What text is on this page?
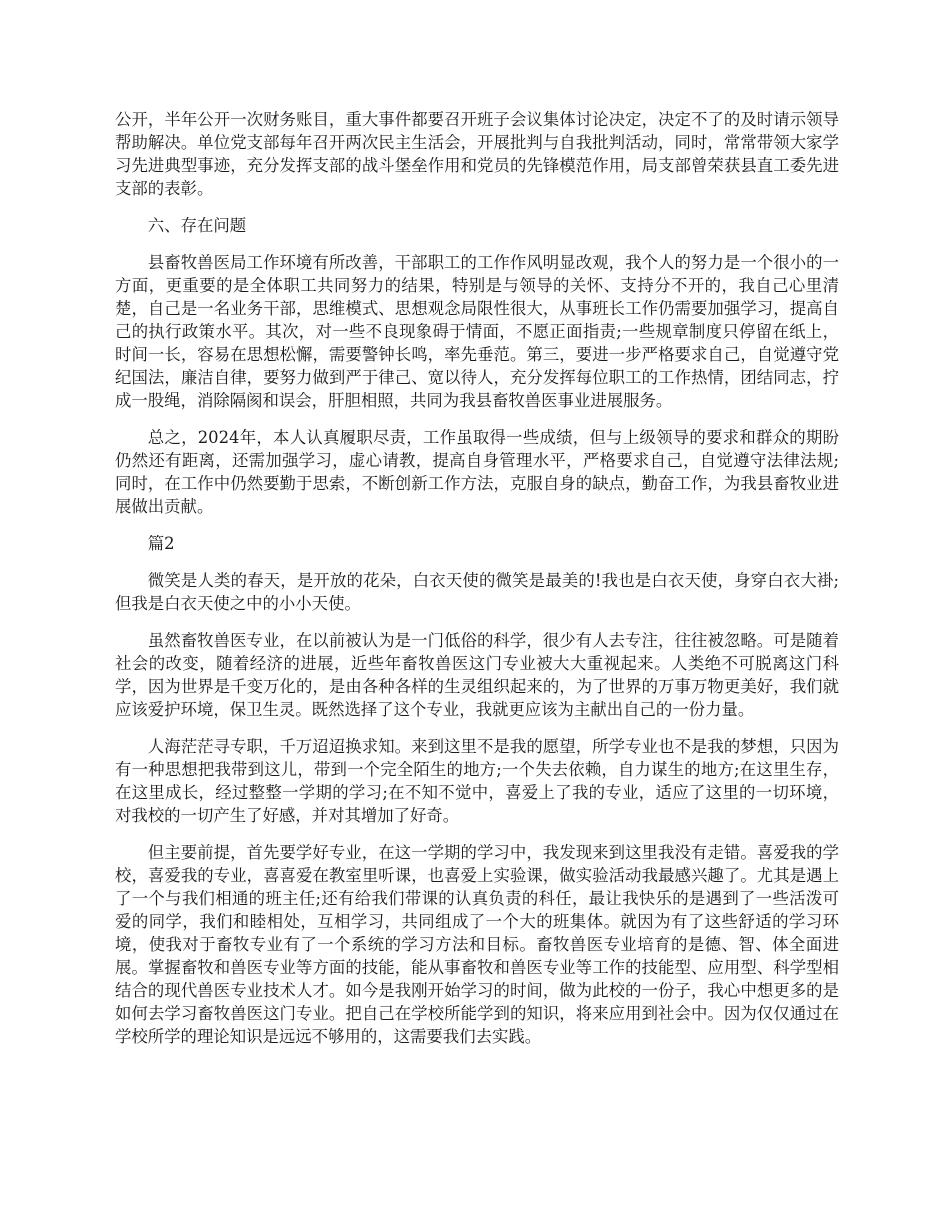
公开，半年公开一次财务账目，重大事件都要召开班子会议集体讨论决定，决定不了的及时请示领导帮助解决。单位党支部每年召开两次民主生活会，开展批判与自我批判活动，同时，常常带领大家学习先进典型事迹，充分发挥支部的战斗堡垒作用和党员的先锋模范作用，局支部曾荣获县直工委先进支部的表彰。

六、存在问题

县畜牧兽医局工作环境有所改善，干部职工的工作作风明显改观，我个人的努力是一个很小的一方面，更重要的是全体职工共同努力的结果，特别是与领导的关怀、支持分不开的，我自己心里清楚，自己是一名业务干部，思维模式、思想观念局限性很大，从事班长工作仍需要加强学习，提高自己的执行政策水平。其次，对一些不良现象碍于情面，不愿正面指责;一些规章制度只停留在纸上，时间一长，容易在思想松懈，需要警钟长鸣，率先垂范。第三，要进一步严格要求自己，自觉遵守党纪国法，廉洁自律，要努力做到严于律己、宽以待人，充分发挥每位职工的工作热情，团结同志，拧成一股绳，消除隔阂和误会，肝胆相照，共同为我县畜牧兽医事业进展服务。

总之，2024年，本人认真履职尽责，工作虽取得一些成绩，但与上级领导的要求和群众的期盼仍然还有距离，还需加强学习，虚心请教，提高自身管理水平，严格要求自己，自觉遵守法律法规;同时，在工作中仍然要勤于思索，不断创新工作方法，克服自身的缺点，勤奋工作，为我县畜牧业进展做出贡献。

篇2

微笑是人类的春天，是开放的花朵，白衣天使的微笑是最美的!我也是白衣天使，身穿白衣大褂;但我是白衣天使之中的小小天使。

虽然畜牧兽医专业，在以前被认为是一门低俗的科学，很少有人去专注，往往被忽略。可是随着社会的改变，随着经济的进展，近些年畜牧兽医这门专业被大大重视起来。人类绝不可脱离这门科学，因为世界是千变万化的，是由各种各样的生灵组织起来的，为了世界的万事万物更美好，我们就应该爱护环境，保卫生灵。既然选择了这个专业，我就更应该为主献出自己的一份力量。

人海茫茫寻专职，千万迢迢换求知。来到这里不是我的愿望，所学专业也不是我的梦想，只因为有一种思想把我带到这儿，带到一个完全陌生的地方;一个失去依赖，自力谋生的地方;在这里生存，在这里成长，经过整整一学期的学习;在不知不觉中，喜爱上了我的专业，适应了这里的一切环境，对我校的一切产生了好感，并对其增加了好奇。

但主要前提，首先要学好专业，在这一学期的学习中，我发现来到这里我没有走错。喜爱我的学校，喜爱我的专业，喜喜爱在教室里听课，也喜爱上实验课，做实验活动我最感兴趣了。尤其是遇上了一个与我们相通的班主任;还有给我们带课的认真负责的科任，最让我快乐的是遇到了一些活泼可爱的同学，我们和睦相处，互相学习，共同组成了一个大的班集体。就因为有了这些舒适的学习环境，使我对于畜牧专业有了一个系统的学习方法和目标。畜牧兽医专业培育的是德、智、体全面进展。掌握畜牧和兽医专业等方面的技能，能从事畜牧和兽医专业等工作的技能型、应用型、科学型相结合的现代兽医专业技术人才。如今是我刚开始学习的时间，做为此校的一份子，我心中想更多的是如何去学习畜牧兽医这门专业。把自己在学校所能学到的知识，将来应用到社会中。因为仅仅通过在学校所学的理论知识是远远不够用的，这需要我们去实践。
